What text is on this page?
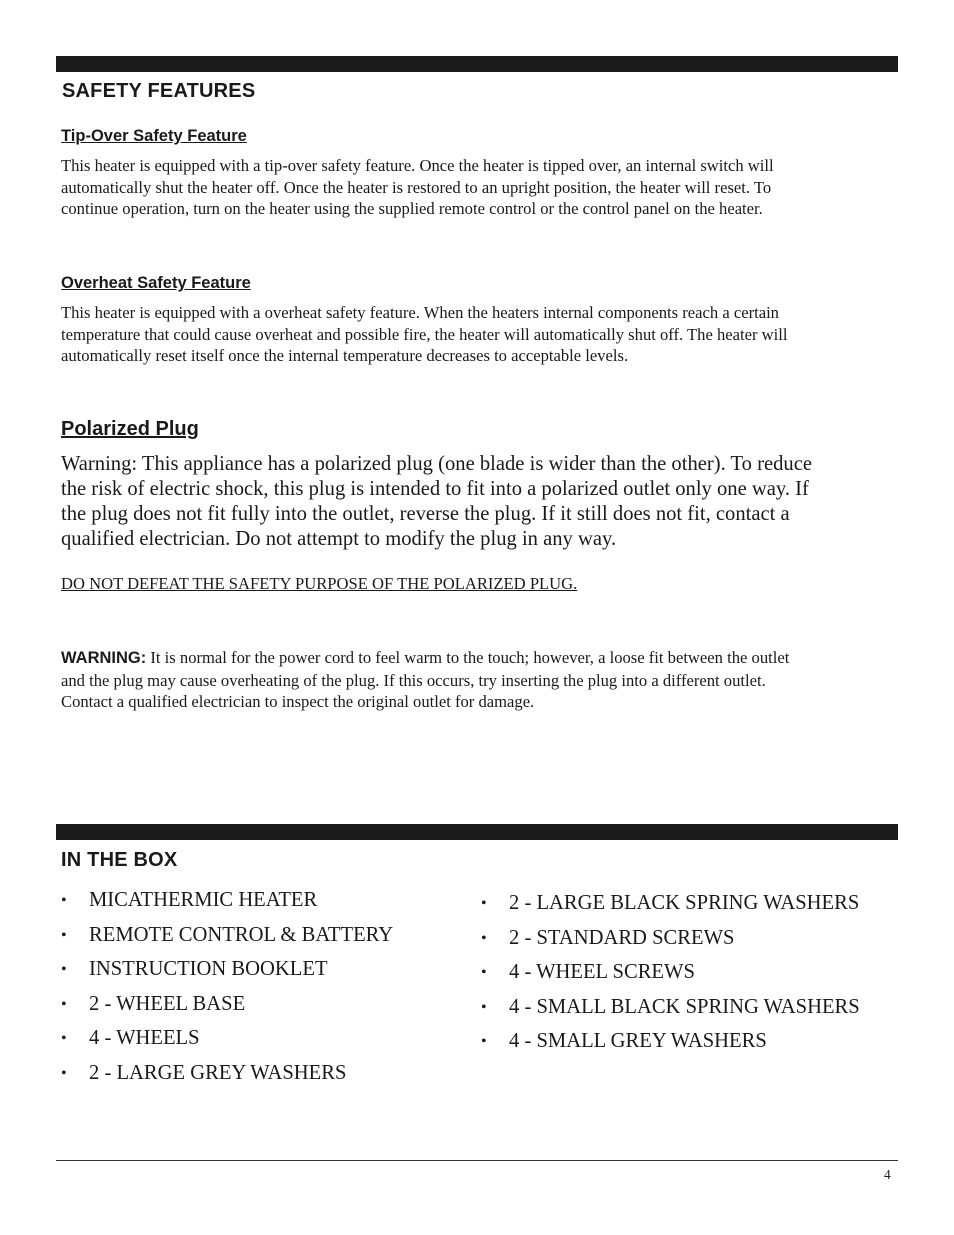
SAFETY FEATURES
Tip-Over Safety Feature
This heater is equipped with a tip-over safety feature. Once the heater is tipped over, an internal switch will
automatically shut the heater off. Once the heater is restored to an upright position, the heater will reset. To
continue operation, turn on the heater using the supplied remote control or the control panel on the heater.
Overheat Safety Feature
This heater is equipped with a overheat safety feature. When the heaters internal components reach a certain
temperature that could cause overheat and possible fire, the heater will automatically shut off. The heater will
automatically reset itself once the internal temperature decreases to acceptable levels.
Polarized Plug
Warning: This appliance has a polarized plug (one blade is wider than the other). To reduce
the risk of electric shock, this plug is intended to fit into a polarized outlet only one way. If
the plug does not fit fully into the outlet, reverse the plug. If it still does not fit, contact a
qualified electrician. Do not attempt to modify the plug in any way.
DO NOT DEFEAT THE SAFETY PURPOSE OF THE POLARIZED PLUG.
WARNING: It is normal for the power cord to feel warm to the touch; however, a loose fit between the outlet
and the plug may cause overheating of the plug. If this occurs, try inserting the plug into a different outlet.
Contact a qualified electrician to inspect the original outlet for damage.
IN THE BOX
• MICATHERMIC HEATER
• REMOTE CONTROL & BATTERY
• INSTRUCTION BOOKLET
• 2 - WHEEL BASE
• 4 - WHEELS
• 2 - LARGE GREY WASHERS
• 2 - LARGE BLACK SPRING WASHERS
• 2 - STANDARD SCREWS
• 4 - WHEEL SCREWS
• 4 - SMALL BLACK SPRING WASHERS
• 4 - SMALL GREY WASHERS
4
